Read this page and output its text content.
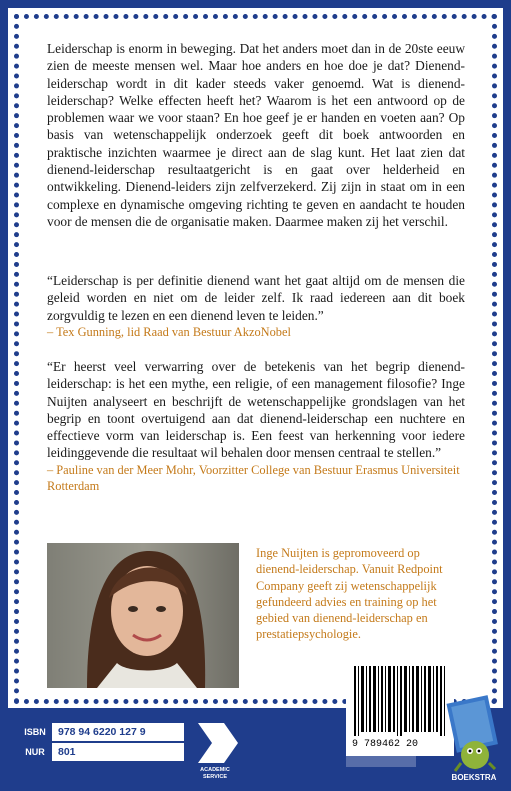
Leiderschap is enorm in beweging. Dat het anders moet dan in de 20ste eeuw zien de meeste mensen wel. Maar hoe anders en hoe doe je dat? Dienend-leiderschap wordt in dit kader steeds vaker genoemd. Wat is dienend-leiderschap? Welke effecten heeft het? Waarom is het een antwoord op de problemen waar we voor staan? En hoe geef je er handen en voeten aan? Op basis van wetenschappelijk onderzoek geeft dit boek antwoorden en praktische inzichten waarmee je direct aan de slag kunt. Het laat zien dat dienend-leiderschap resultaatgericht is en gaat over helderheid en ontwikkeling. Dienend-leiders zijn zelfverzekerd. Zij zijn in staat om in een complexe en dynamische omgeving richting te geven en aandacht te houden voor de mensen die de organisatie maken. Daarmee maken zij het verschil.

“Leiderschap is per definitie dienend want het gaat altijd om de mensen die geleid worden en niet om de leider zelf. Ik raad iedereen aan dit boek zorgvuldig te lezen en een dienend leven te leiden.”
– Tex Gunning, lid Raad van Bestuur AkzoNobel
“Er heerst veel verwarring over de betekenis van het begrip dienend-leiderschap: is het een mythe, een religie, of een management filosofie? Inge Nuijten analyseert en beschrijft de wetenschappelijke grondslagen van het begrip en toont overtuigend aan dat dienend-leiderschap een nuchtere en effectieve vorm van leiderschap is. Een feest van herkenning voor iedere leidinggevende die resultaat wil behalen door mensen centraal te stellen.”
– Pauline van der Meer Mohr, Voorzitter College van Bestuur Erasmus Universiteit Rotterdam

Inge Nuijten is gepromoveerd op dienend-leiderschap. Vanuit Redpoint Company geeft zij wetenschappelijk gefundeerd advies en training op het gebied van dienend-leiderschap en prestatiepsychologie.

9 789462 20
ISBN	978 94 6220 127 9
NUR	801
ACADEMIC
SERVICE
www.academ
BOEKSTRA
